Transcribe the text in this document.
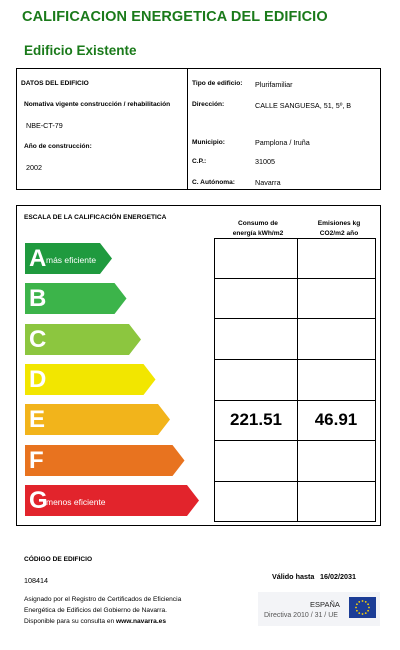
CALIFICACION ENERGETICA DEL EDIFICIO
Edificio Existente
DATOS DEL EDIFICIO
Nomativa vigente construcción / rehabilitación
NBE-CT-79
Año de construcción:
2002
Tipo de edificio: Plurifamiliar
Dirección:	CALLE SANGUESA, 51, 5º, B
Municipio:	Pamplona / Iruña
C.P.:	31005
C. Autónoma:	Navarra
ESCALA DE LA CALIFICACIÓN ENERGETICA
Consumo de
energía kWh/m2
Emisiones kg
CO2/m2 año
A más eficiente
B
C
D
E
F
G
menos eficiente
221.51	46.91
CÓDIGO DE EDIFICIO
108414	Válido hasta 16/02/2031
Asignado por el Registro de Certificados de Eficiencia
Energética de Edificios del Gobierno de Navarra.
Disponible para su consulta en www.navarra.es
ESPAÑA
Directiva 2010 / 31 / UE
